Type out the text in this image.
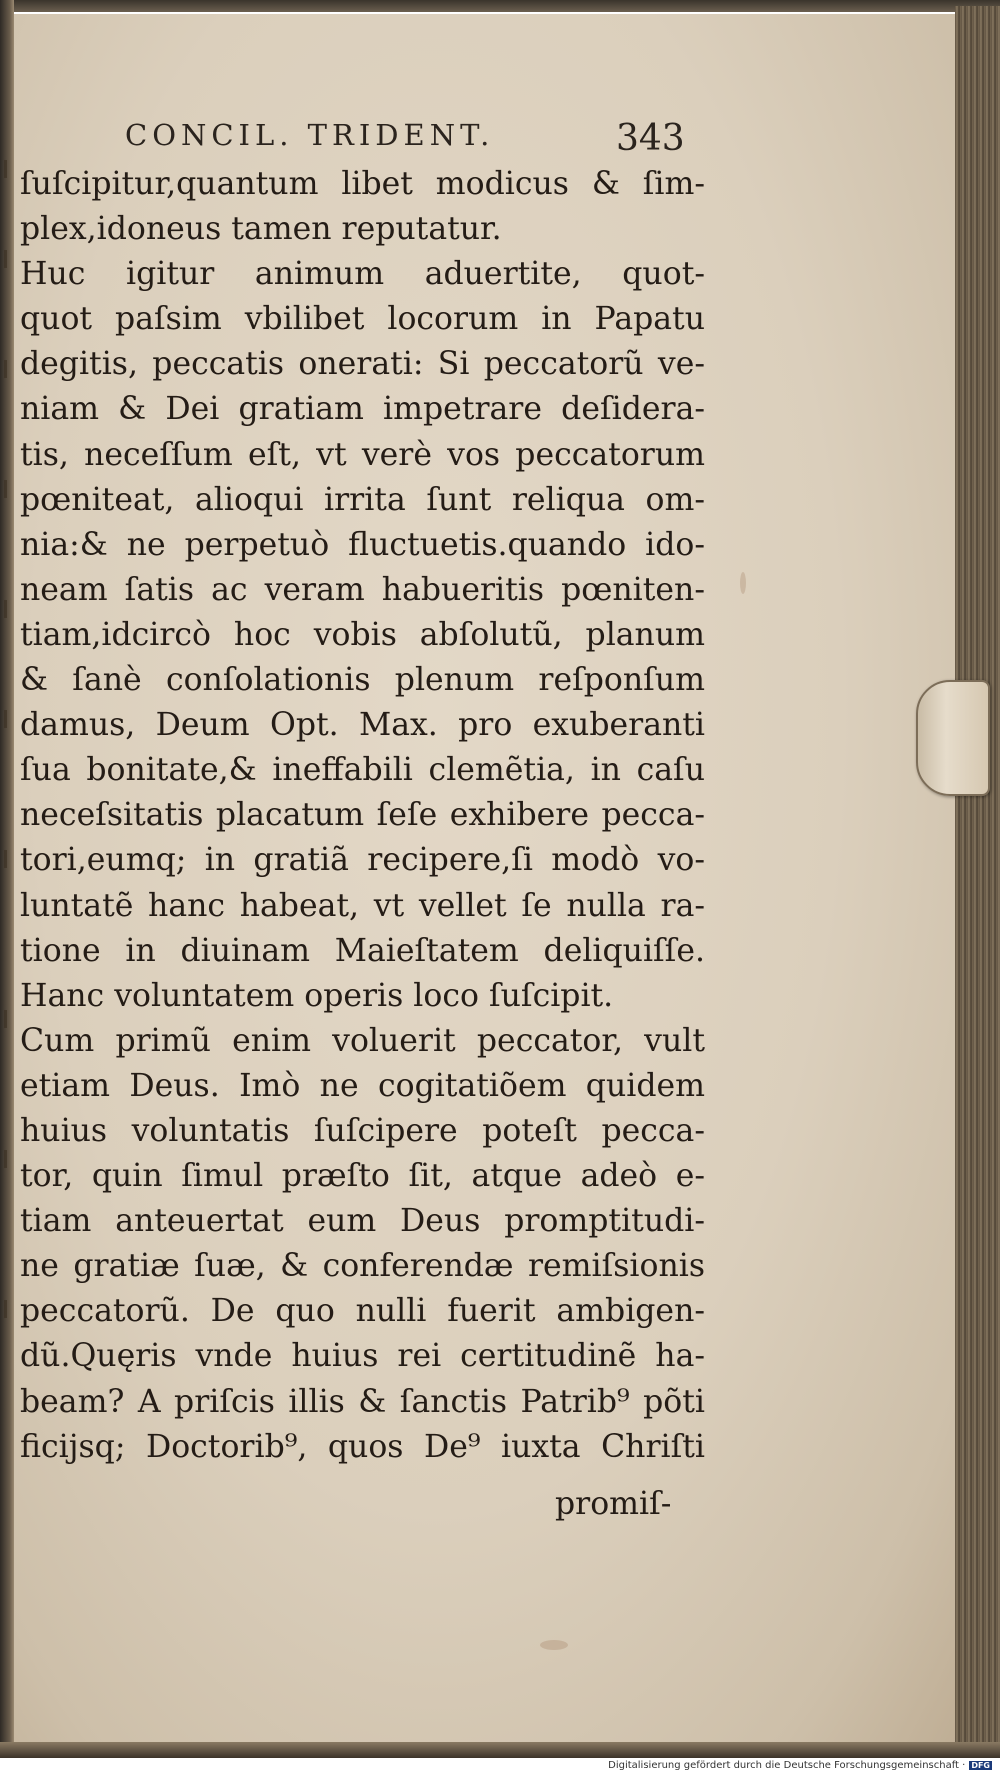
CONCIL. TRIDENT.	343
ſuſcipitur,quantum libet modicus & ſim-
plex,idoneus tamen reputatur.
Huc igitur animum aduertite, quot-
quot paſsim vbilibet locorum in Papatu
degitis, peccatis onerati: Si peccatorũ ve-
niam & Dei gratiam impetrare deſidera-
tis, neceſſum eſt, vt verè vos peccatorum
pœniteat, alioqui irrita ſunt reliqua om-
nia:& ne perpetuò fluctuetis.quando ido-
neam ſatis ac veram habueritis pœniten-
tiam,idcircò hoc vobis abſolutũ, planum
& ſanè conſolationis plenum reſponſum
damus, Deum Opt. Max. pro exuberanti
ſua bonitate,& ineffabili clemẽtia, in caſu
neceſsitatis placatum ſeſe exhibere pecca-
tori,eumq; in gratiã recipere,ſi modò vo-
luntatẽ hanc habeat, vt vellet ſe nulla ra-
tione in diuinam Maieſtatem deliquiſſe.
Hanc voluntatem operis loco ſuſcipit.
Cum primũ enim voluerit peccator, vult
etiam Deus. Imò ne cogitatiõem quidem
huius voluntatis ſuſcipere poteſt pecca-
tor, quin ſimul præſto ſit, atque adeò e-
tiam anteuertat eum Deus promptitudi-
ne gratiæ ſuæ, & conferendæ remiſsionis
peccatorũ. De quo nulli fuerit ambigen-
dũ.Quęris vnde huius rei certitudinẽ ha-
beam? A priſcis illis & ſanctis Patrib⁹ põti
ficijsq; Doctorib⁹, quos De⁹ iuxta Chriſti
promiſ-
Digitalisierung gefördert durch die Deutsche Forschungsgemeinschaft · DFG
